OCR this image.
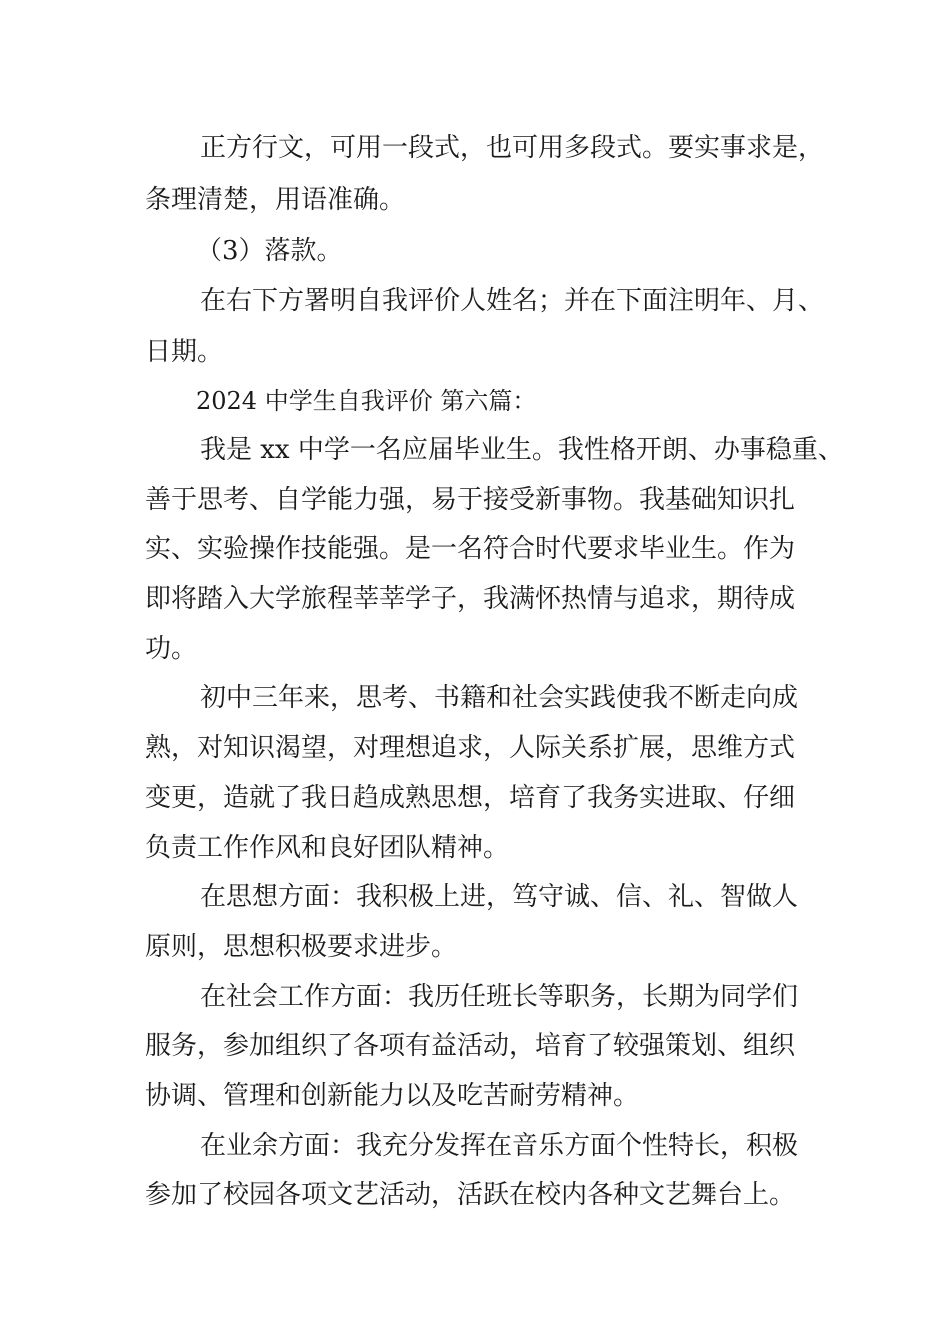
正方行文，可用一段式，也可用多段式。要实事求是，
条理清楚，用语准确。
（3）落款。
在右下方署明自我评价人姓名；并在下面注明年、月、
日期。
2024 中学生自我评价 第六篇：
我是 xx 中学一名应届毕业生。我性格开朗、办事稳重、
善于思考、自学能力强，易于接受新事物。我基础知识扎
实、实验操作技能强。是一名符合时代要求毕业生。作为
即将踏入大学旅程莘莘学子，我满怀热情与追求，期待成
功。
初中三年来，思考、书籍和社会实践使我不断走向成
熟，对知识渴望，对理想追求，人际关系扩展，思维方式
变更，造就了我日趋成熟思想，培育了我务实进取、仔细
负责工作作风和良好团队精神。
在思想方面：我积极上进，笃守诚、信、礼、智做人
原则，思想积极要求进步。
在社会工作方面：我历任班长等职务，长期为同学们
服务，参加组织了各项有益活动，培育了较强策划、组织
协调、管理和创新能力以及吃苦耐劳精神。
在业余方面：我充分发挥在音乐方面个性特长，积极
参加了校园各项文艺活动，活跃在校内各种文艺舞台上。
